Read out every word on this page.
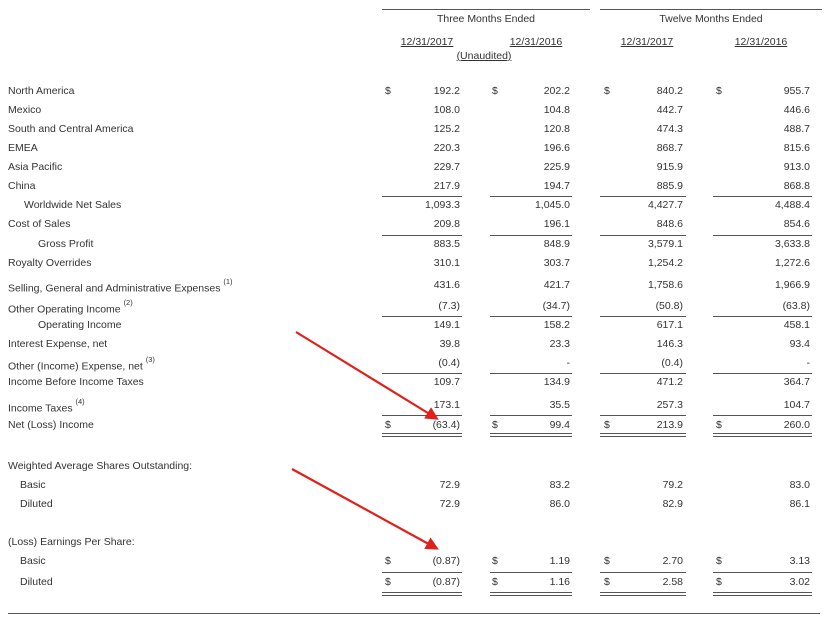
Three Months Ended	Twelve Months Ended
12/31/2017	12/31/2016	12/31/2017	12/31/2016
(Unaudited)
North America	$	192.2	$	202.2	$	840.2	$	955.7
Mexico	108.0	104.8	442.7	446.6
South and Central America	125.2	120.8	474.3	488.7
EMEA	220.3	196.6	868.7	815.6
Asia Pacific	229.7	225.9	915.9	913.0
China	217.9	194.7	885.9	868.8
Worldwide Net Sales	1,093.3	1,045.0	4,427.7	4,488.4
Cost of Sales	209.8	196.1	848.6	854.6
Gross Profit	883.5	848.9	3,579.1	3,633.8
Royalty Overrides	310.1	303.7	1,254.2	1,272.6
Selling, General and Administrative Expenses $^{(1)}$	431.6	421.7	1,758.6	1,966.9
Other Operating Income $^{(2)}$	(7.3)	(34.7)	(50.8)	(63.8)
Operating Income	149.1	158.2	617.1	458.1
Interest Expense, net	39.8	23.3	146.3	93.4
Other (Income) Expense, net $^{(3)}$	(0.4)	-	(0.4)	-
Income Before Income Taxes	109.7	134.9	471.2	364.7
Income Taxes $^{(4)}$	173.1	35.5	257.3	104.7
Net (Loss) Income	$	(63.4)	$	99.4	$	213.9	$	260.0
Weighted Average Shares Outstanding:
Basic	72.9	83.2	79.2	83.0
Diluted	72.9	86.0	82.9	86.1
(Loss) Earnings Per Share:
Basic	$	(0.87)	$	1.19	$	2.70	$	3.13
Diluted	$	(0.87)	$	1.16	$	2.58	$	3.02
